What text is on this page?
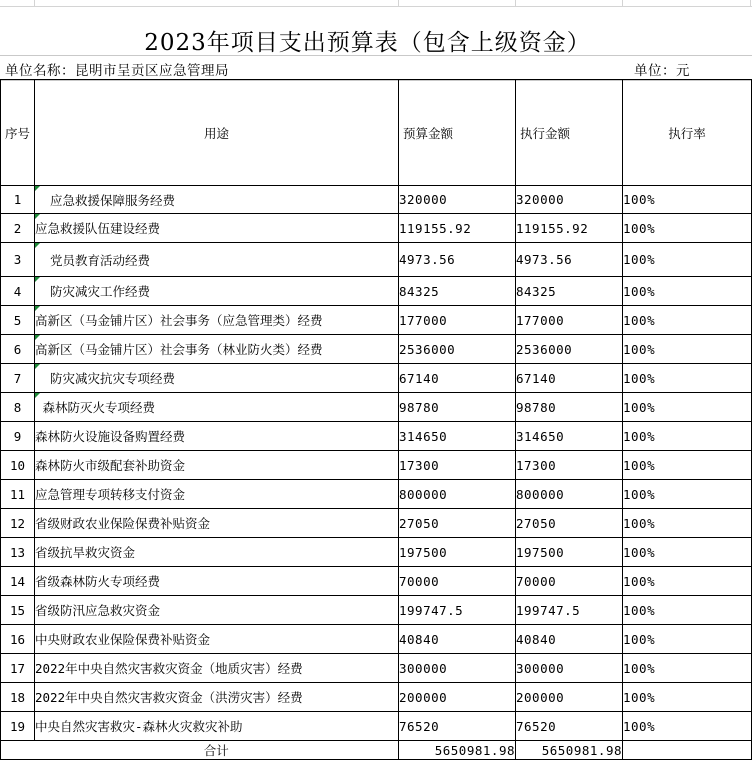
2023年项目支出预算表（包含上级资金）
单位名称：昆明市呈贡区应急管理局	单位：元
序号	用途	预算金额	执行金额	执行率

1	应急救援保障服务经费	320000	320000	100%
2	应急救援队伍建设经费	119155.92	119155.92	100%
3	党员教育活动经费	4973.56	4973.56	100%
4	防灾减灾工作经费	84325	84325	100%
5	高新区（马金铺片区）社会事务（应急管理类）经费	177000	177000	100%
6	高新区（马金铺片区）社会事务（林业防火类）经费	2536000	2536000	100%
7	防灾减灾抗灾专项经费	67140	67140	100%
8	森林防灭火专项经费	98780	98780	100%
9	森林防火设施设备购置经费	314650	314650	100%
10	森林防火市级配套补助资金	17300	17300	100%
11	应急管理专项转移支付资金	800000	800000	100%
12	省级财政农业保险保费补贴资金	27050	27050	100%
13	省级抗旱救灾资金	197500	197500	100%
14	省级森林防火专项经费	70000	70000	100%
15	省级防汛应急救灾资金	199747.5	199747.5	100%
16	中央财政农业保险保费补贴资金	40840	40840	100%
17	2022年中央自然灾害救灾资金（地质灾害）经费	300000	300000	100%
18	2022年中央自然灾害救灾资金（洪涝灾害）经费	200000	200000	100%
19	中央自然灾害救灾-森林火灾救灾补助	76520	76520	100%
	合计	5650981.98	5650981.98	
